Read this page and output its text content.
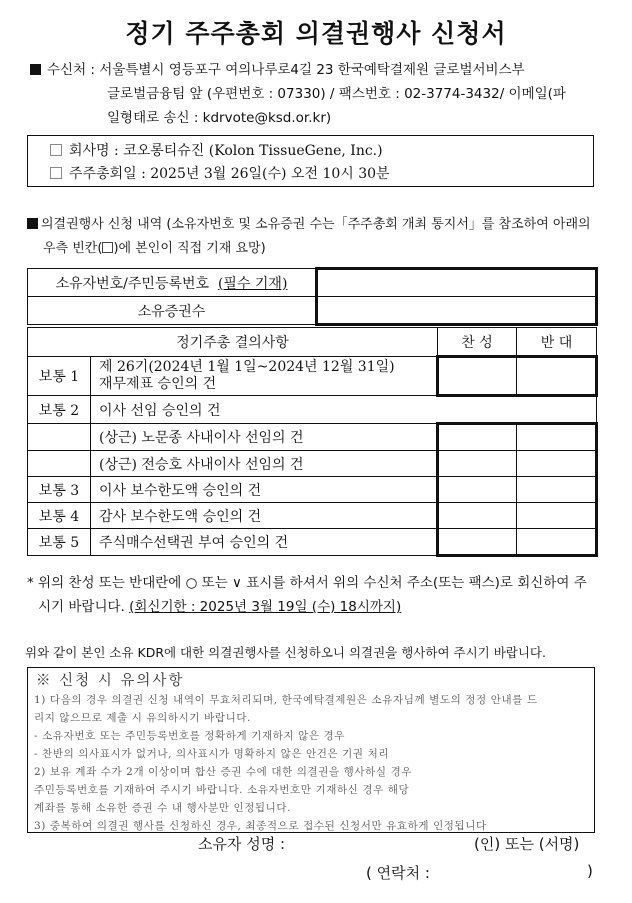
정기 주주총회 의결권행사 신청서
수신처 : 서울특별시 영등포구 여의나루로4길 23 한국예탁결제원 글로벌서비스부
글로벌금융팀 앞 (우편번호 : 07330) / 팩스번호 : 02-3774-3432/ 이메일(파
일형태로 송신 : kdrvote@ksd.or.kr)
회사명 : 코오롱티슈진 (Kolon TissueGene, Inc.)
주주총회일 : 2025년 3월 26일(수) 오전 10시 30분
의결권행사 신청 내역 (소유자번호 및 소유증권 수는「주주총회 개최 통지서」를 참조하여 아래의
우측 빈칸( )에 본인이 직접 기재 요망)
소유자번호/주민등록번호 (필수 기재)	
소유증권수	
정기주총 결의사항		찬 성	반 대
보통 1	제 26기(2024년 1월 1일~2024년 12월 31일)
재무제표 승인의 건		

보통 2	이사 선임 승인의 건		
	(상근) 노문종 사내이사 선임의 건		
	(상근) 전승호 사내이사 선임의 건		
보통 3	이사 보수한도액 승인의 건		
보통 4	감사 보수한도액 승인의 건		
보통 5	주식매수선택권 부여 승인의 건		
* 위의 찬성 또는 반대란에 ○ 또는 ∨ 표시를 하셔서 위의 수신처 주소(또는 팩스)로 회신하여 주
시기 바랍니다. (회신기한 : 2025년 3월 19일 (수) 18시까지)
위와 같이 본인 소유 KDR에 대한 의결권행사를 신청하오니 의결권을 행사하여 주시기 바랍니다.
※ 신청 시 유의사항
1) 다음의 경우 의결권 신청 내역이 무효처리되며, 한국예탁결제원은 소유자님께 별도의 정정 안내를 드
리지 않으므로 제출 시 유의하시기 바랍니다.
- 소유자번호 또는 주민등록번호를 정확하게 기재하지 않은 경우
- 찬반의 의사표시가 없거나, 의사표시가 명확하지 않은 안건은 기권 처리
2) 보유 계좌 수가 2개 이상이며 합산 증권 수에 대한 의결권을 행사하실 경우
주민등록번호를 기재하여 주시기 바랍니다. 소유자번호만 기재하신 경우 해당
계좌를 통해 소유한 증권 수 내 행사분만 인정됩니다.
3) 중복하여 의결권 행사를 신청하신 경우, 최종적으로 접수된 신청서만 유효하게 인정됩니다
소유자 성명 :	(인) 또는 (서명)
( 연락처 :	)
